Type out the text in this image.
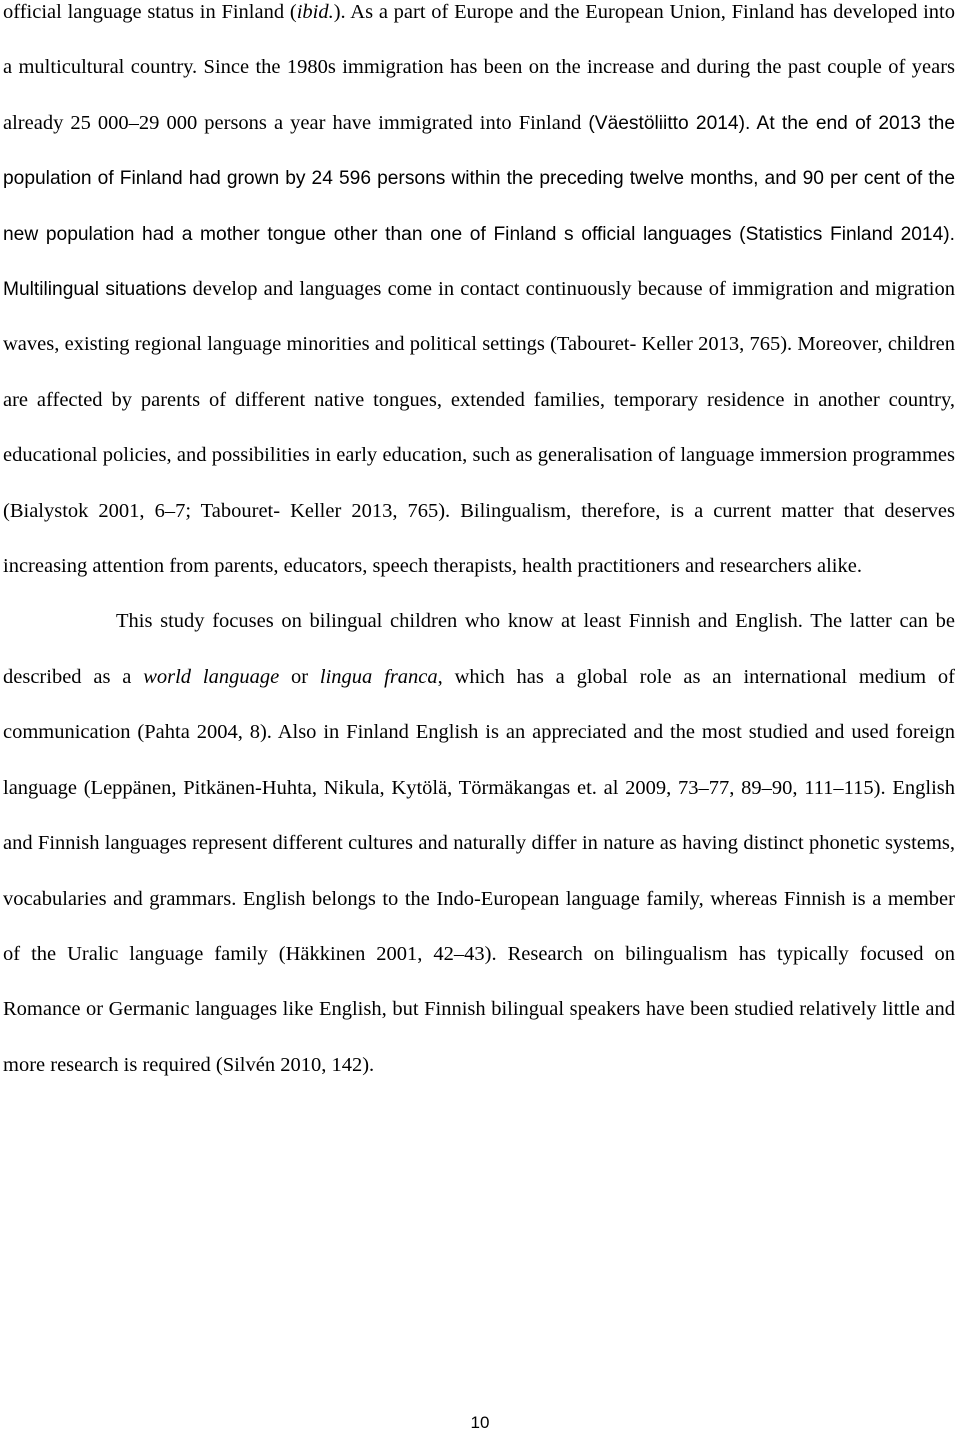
official language status in Finland (ibid.). As a part of Europe and the European Union, Finland has developed into a multicultural country. Since the 1980s immigration has been on the increase and during the past couple of years already 25 000–29 000 persons a year have immigrated into Finland (Väestöliitto 2014). At the end of 2013 the population of Finland had grown by 24 596 persons within the preceding twelve months, and 90 per cent of the new population had a mother tongue other than one of Finland s official languages (Statistics Finland 2014). Multilingual situations develop and languages come in contact continuously because of immigration and migration waves, existing regional language minorities and political settings (Tabouret- Keller 2013, 765). Moreover, children are affected by parents of different native tongues, extended families, temporary residence in another country, educational policies, and possibilities in early education, such as generalisation of language immersion programmes (Bialystok 2001, 6–7; Tabouret- Keller 2013, 765). Bilingualism, therefore, is a current matter that deserves increasing attention from parents, educators, speech therapists, health practitioners and researchers alike.

This study focuses on bilingual children who know at least Finnish and English. The latter can be described as a world language or lingua franca, which has a global role as an international medium of communication (Pahta 2004, 8). Also in Finland English is an appreciated and the most studied and used foreign language (Leppänen, Pitkänen-Huhta, Nikula, Kytölä, Törmäkangas et. al 2009, 73–77, 89–90, 111–115). English and Finnish languages represent different cultures and naturally differ in nature as having distinct phonetic systems, vocabularies and grammars. English belongs to the Indo-European language family, whereas Finnish is a member of the Uralic language family (Häkkinen 2001, 42–43). Research on bilingualism has typically focused on Romance or Germanic languages like English, but Finnish bilingual speakers have been studied relatively little and more research is required (Silvén 2010, 142).

10
